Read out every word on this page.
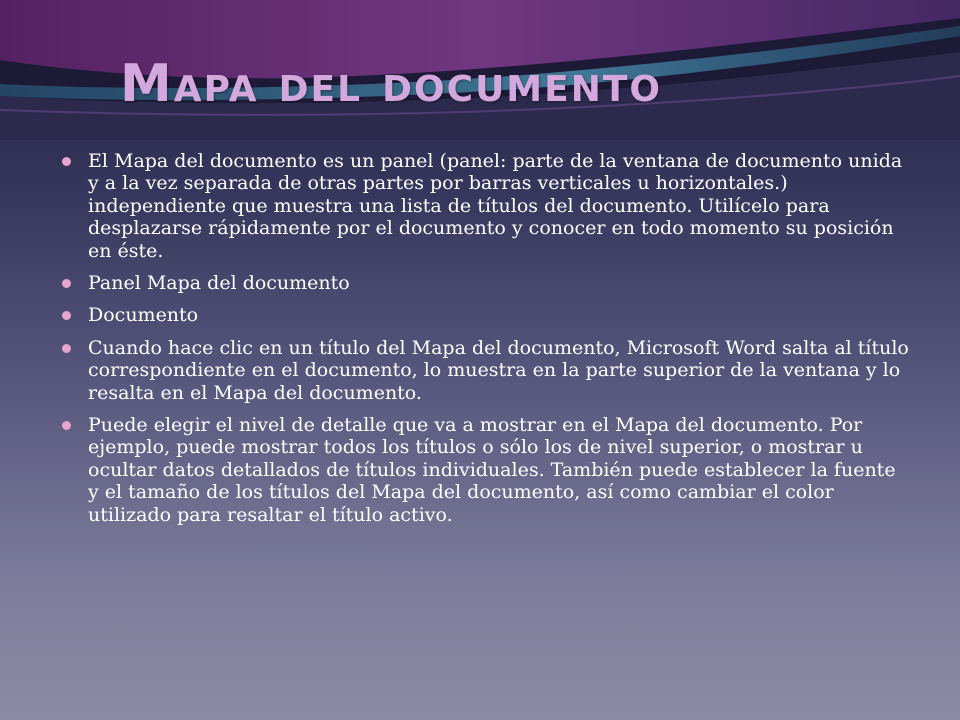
Mapa del documento
El Mapa del documento es un panel (panel: parte de la ventana de documento unida y a la vez separada de otras partes por barras verticales u horizontales.) independiente que muestra una lista de títulos del documento. Utilícelo para desplazarse rápidamente por el documento y conocer en todo momento su posición en éste.
Panel Mapa del documento
Documento
Cuando hace clic en un título del Mapa del documento, Microsoft Word salta al título correspondiente en el documento, lo muestra en la parte superior de la ventana y lo resalta en el Mapa del documento.
Puede elegir el nivel de detalle que va a mostrar en el Mapa del documento. Por ejemplo, puede mostrar todos los títulos o sólo los de nivel superior, o mostrar u ocultar datos detallados de títulos individuales. También puede establecer la fuente y el tamaño de los títulos del Mapa del documento, así como cambiar el color utilizado para resaltar el título activo.
